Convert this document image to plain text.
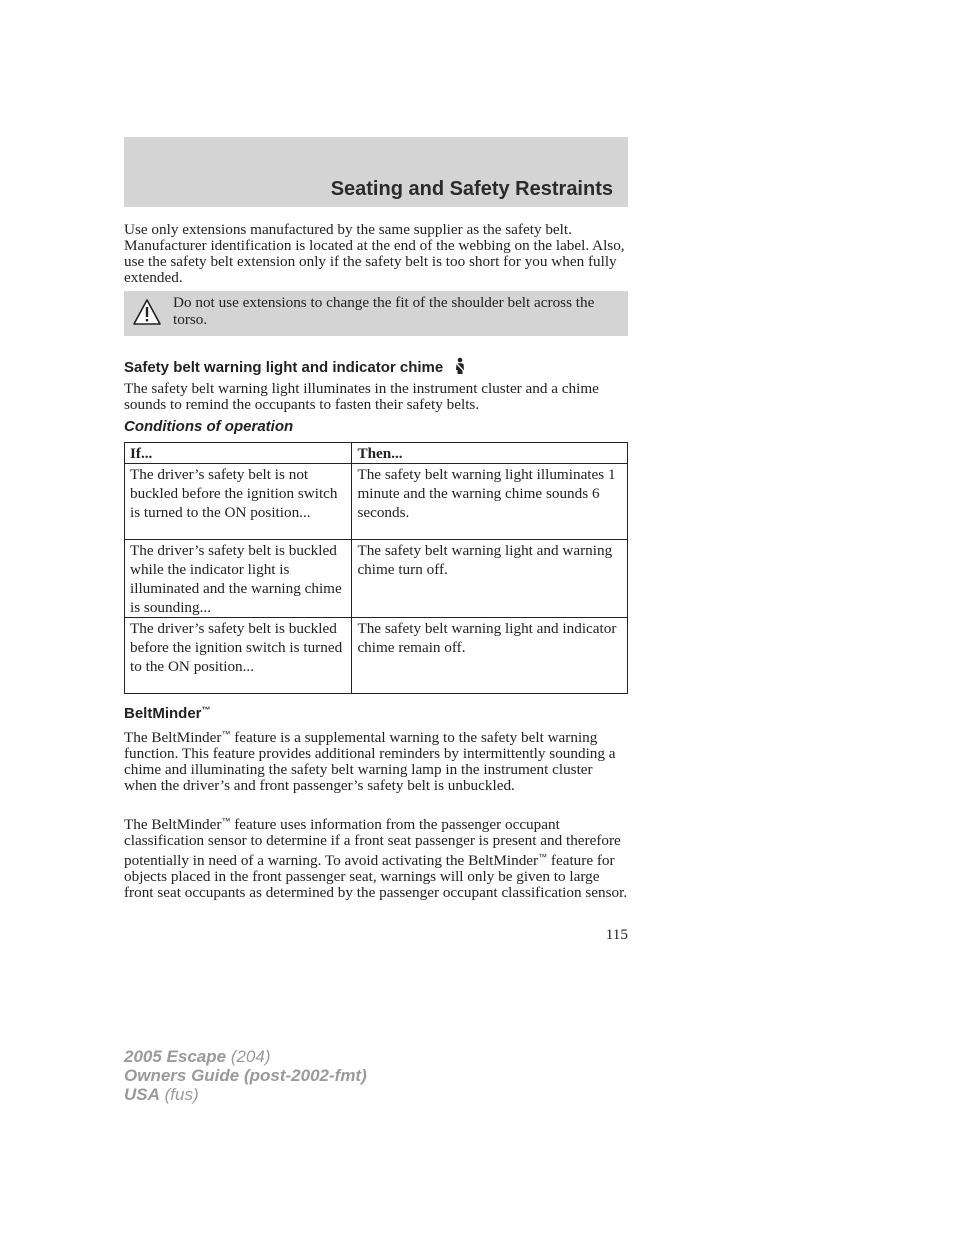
Seating and Safety Restraints

Use only extensions manufactured by the same supplier as the safety belt. Manufacturer identification is located at the end of the webbing on the label. Also, use the safety belt extension only if the safety belt is too short for you when fully extended.

Do not use extensions to change the fit of the shoulder belt across the torso.
Safety belt warning light and indicator chime

The safety belt warning light illuminates in the instrument cluster and a chime sounds to remind the occupants to fasten their safety belts.

Conditions of operation
If...	Then...
The driver’s safety belt is not buckled before the ignition switch is turned to the ON position...	The safety belt warning light illuminates 1 minute and the warning chime sounds 6 seconds.
The driver’s safety belt is buckled while the indicator light is illuminated and the warning chime is sounding...	The safety belt warning light and warning chime turn off.
The driver’s safety belt is buckled before the ignition switch is turned to the ON position...	The safety belt warning light and indicator chime remain off.
BeltMinder™

The BeltMinder™ feature is a supplemental warning to the safety belt warning function. This feature provides additional reminders by intermittently sounding a chime and illuminating the safety belt warning lamp in the instrument cluster when the driver’s and front passenger’s safety belt is unbuckled.

The BeltMinder™ feature uses information from the passenger occupant classification sensor to determine if a front seat passenger is present and therefore potentially in need of a warning. To avoid activating the BeltMinder™ feature for objects placed in the front passenger seat, warnings will only be given to large front seat occupants as determined by the passenger occupant classification sensor.

115
2005 Escape (204)
Owners Guide (post-2002-fmt)
USA (fus)
